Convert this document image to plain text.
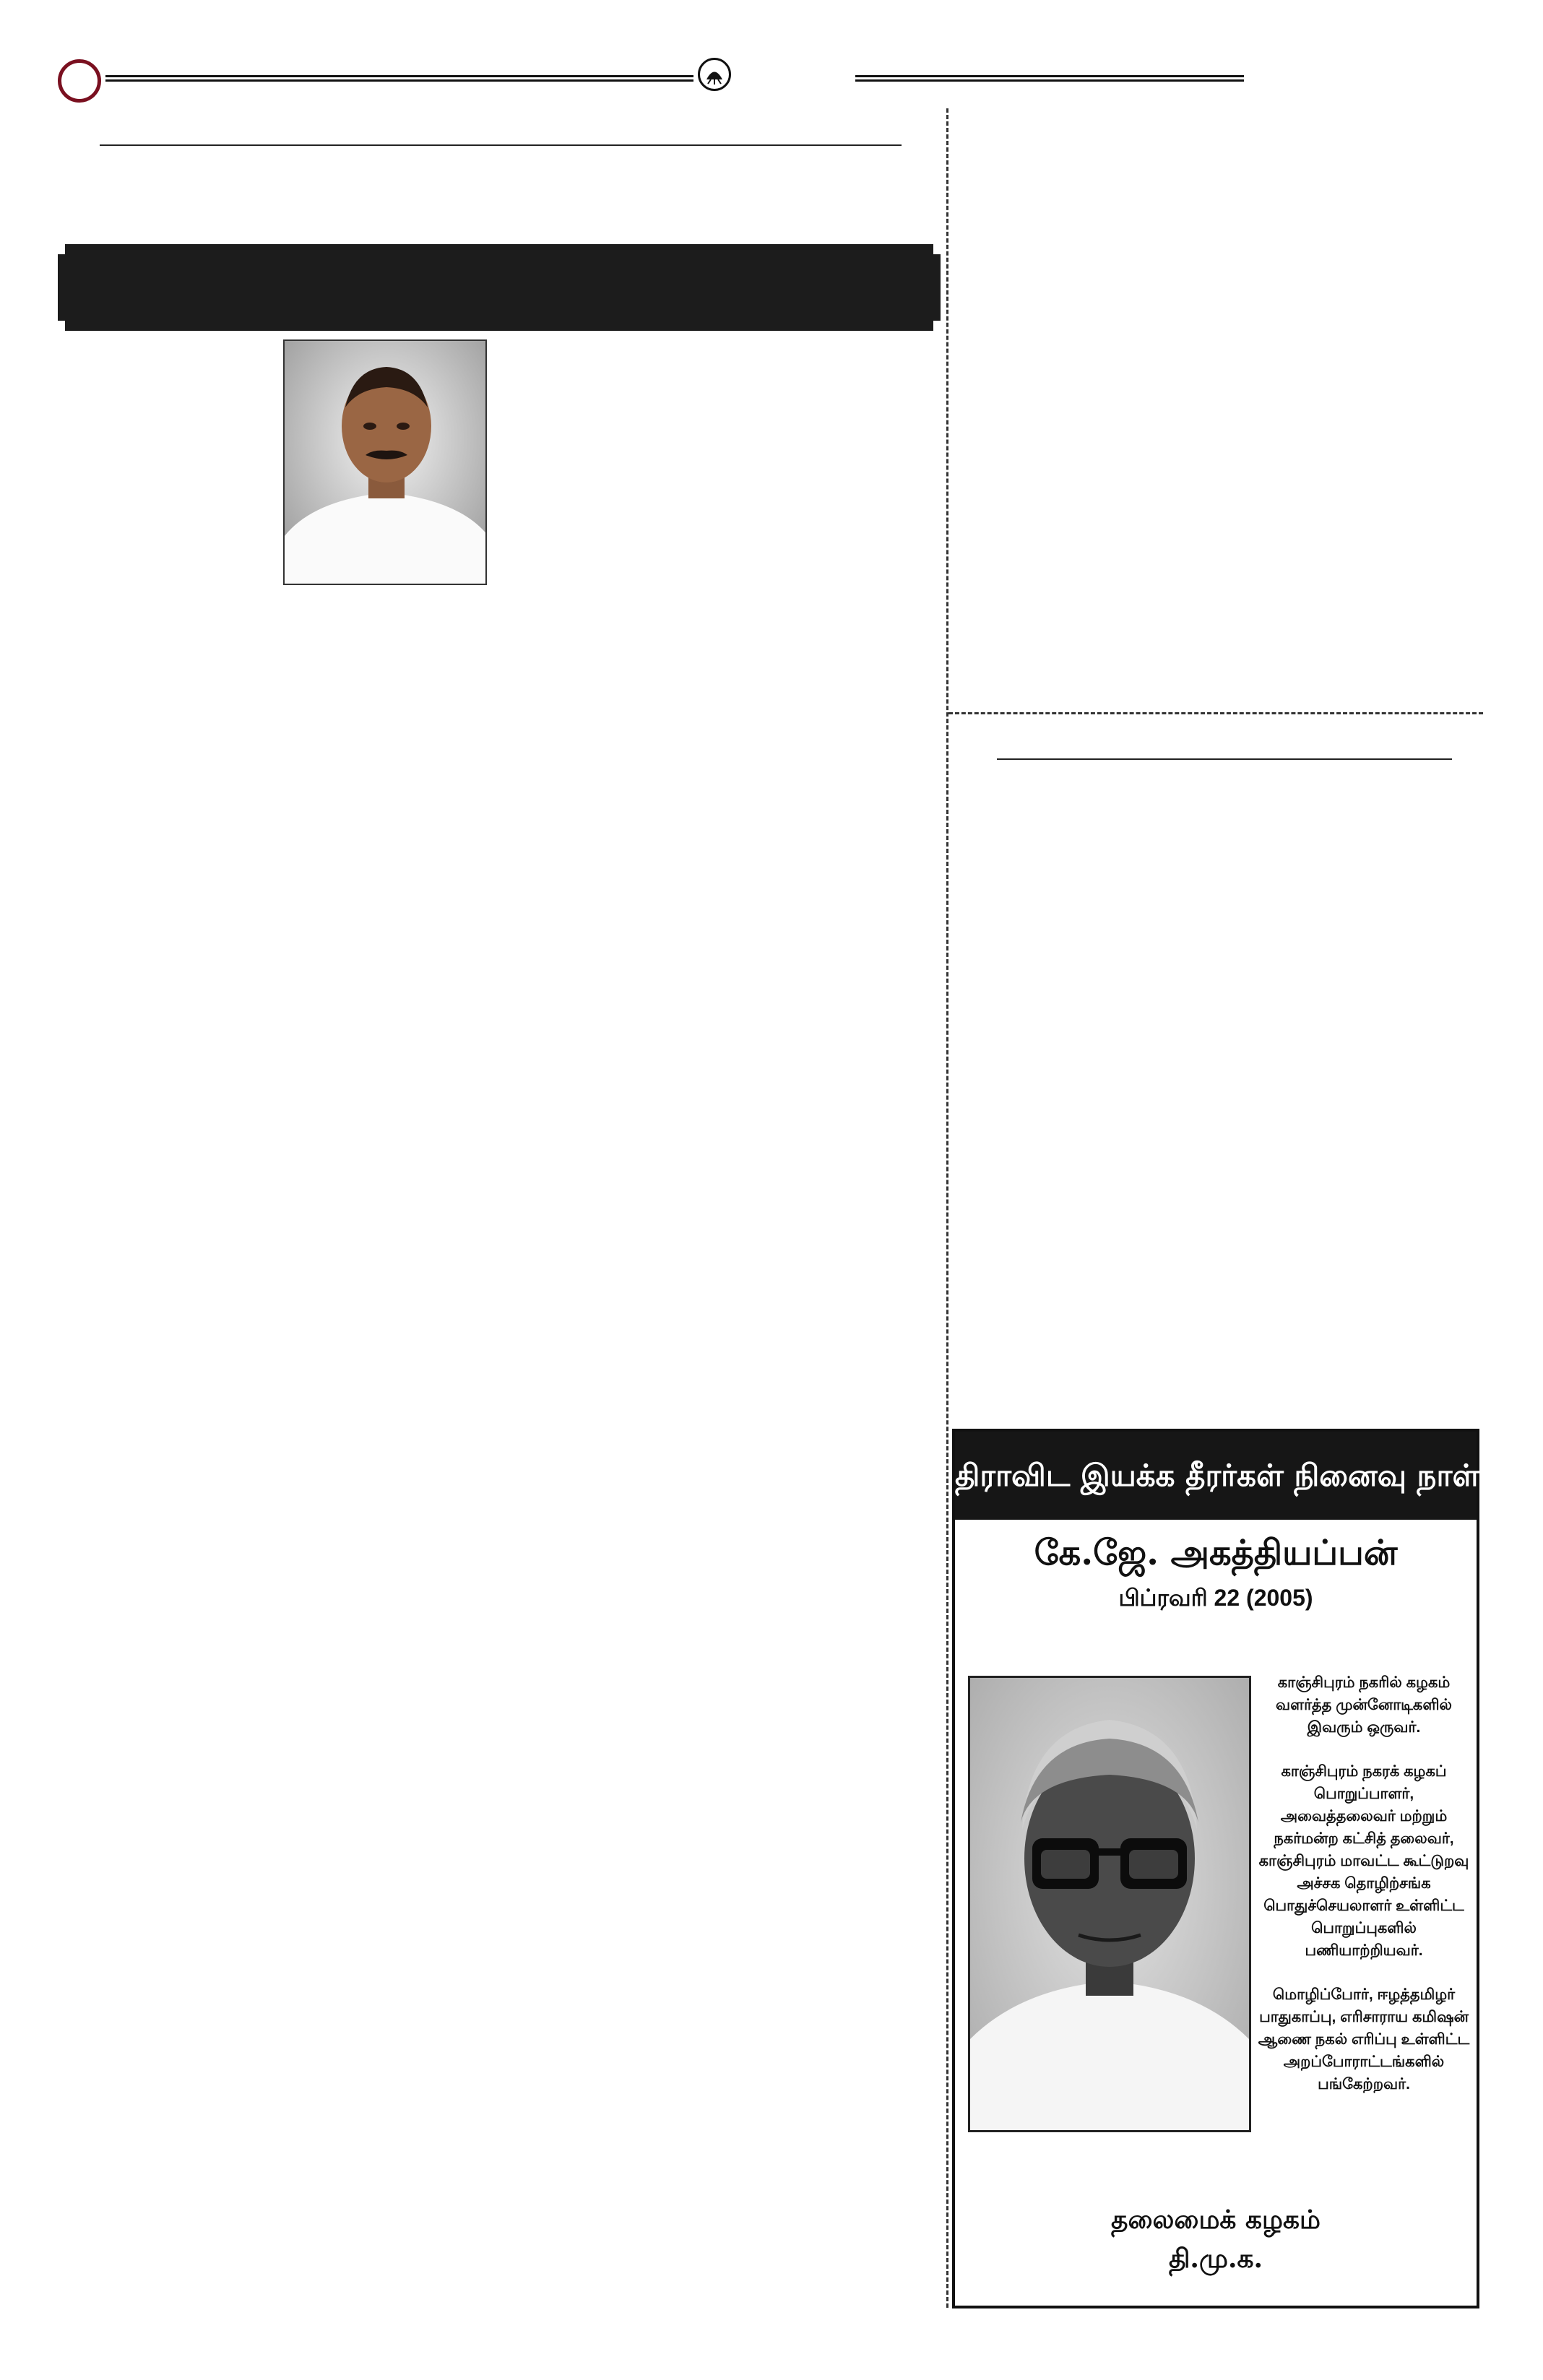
திராவிட இயக்க தீரர்கள் நினைவு நாள்
கே.ஜே. அகத்தியப்பன்
பிப்ரவரி 22 (2005)

காஞ்சிபுரம் நகரில் கழகம் வளர்த்த முன்னோடிகளில் இவரும் ஒருவர்.

காஞ்சிபுரம் நகரக் கழகப் பொறுப்பாளர், அவைத்தலைவர் மற்றும் நகர்மன்ற கட்சித் தலைவர், காஞ்சிபுரம் மாவட்ட கூட்டுறவு அச்சக தொழிற்சங்க பொதுச்செயலாளர் உள்ளிட்ட பொறுப்புகளில் பணியாற்றியவர்.

மொழிப்போர், ஈழத்தமிழர் பாதுகாப்பு, எரிசாராய கமிஷன் ஆணை நகல் எரிப்பு உள்ளிட்ட அறப்போராட்டங்களில் பங்கேற்றவர்.

தலைமைக் கழகம்
தி.மு.க.
